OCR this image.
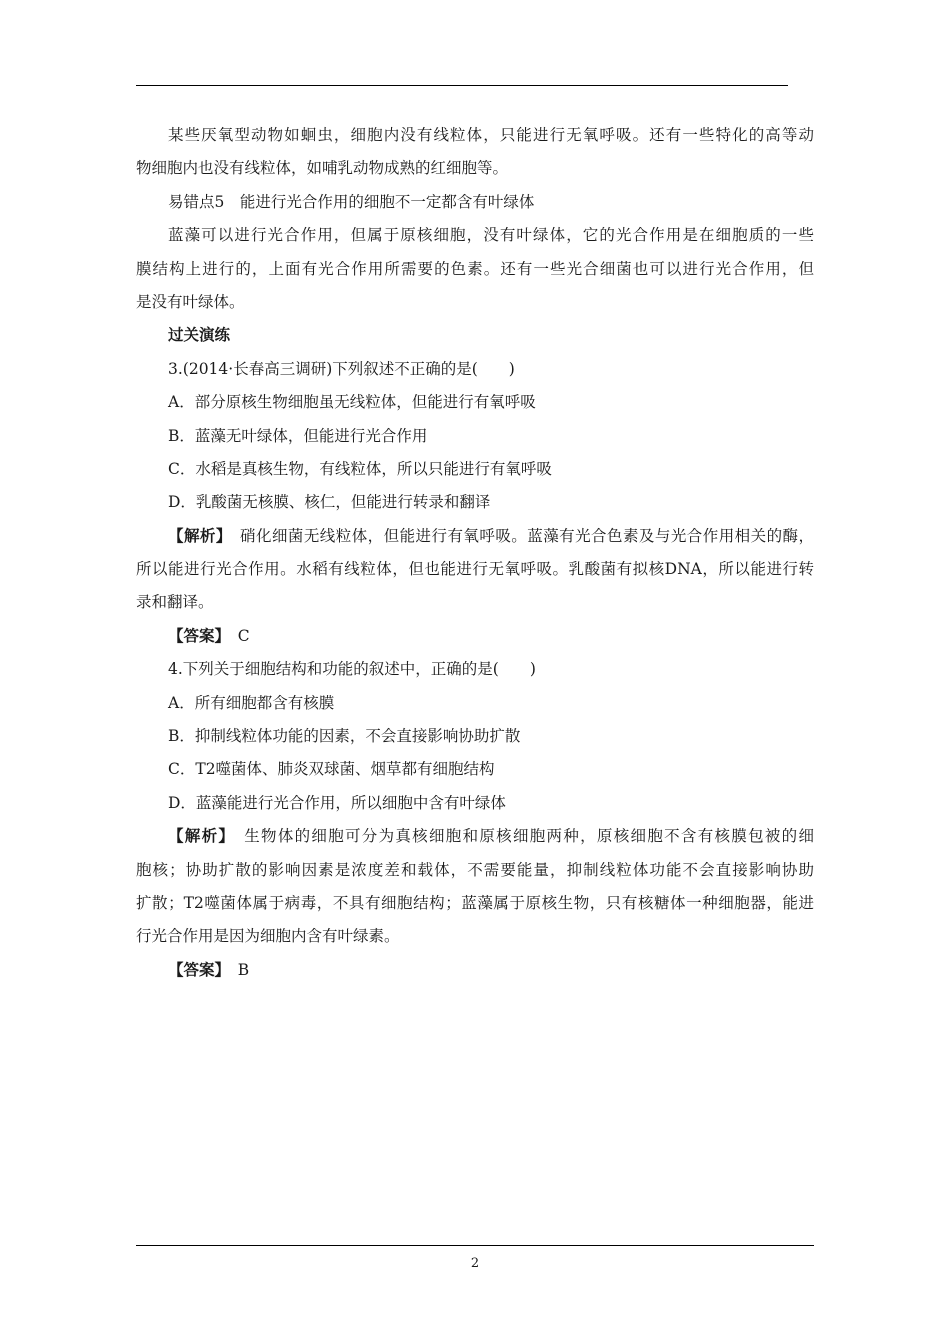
某些厌氧型动物如蛔虫，细胞内没有线粒体，只能进行无氧呼吸。还有一些特化的高等动
物细胞内也没有线粒体，如哺乳动物成熟的红细胞等。
易错点5　能进行光合作用的细胞不一定都含有叶绿体
蓝藻可以进行光合作用，但属于原核细胞，没有叶绿体，它的光合作用是在细胞质的一些
膜结构上进行的，上面有光合作用所需要的色素。还有一些光合细菌也可以进行光合作用，但
是没有叶绿体。
过关演练
3.(2014·长春高三调研)下列叙述不正确的是(　　)
A．部分原核生物细胞虽无线粒体，但能进行有氧呼吸
B．蓝藻无叶绿体，但能进行光合作用
C．水稻是真核生物，有线粒体，所以只能进行有氧呼吸
D．乳酸菌无核膜、核仁，但能进行转录和翻译
【解析】　硝化细菌无线粒体，但能进行有氧呼吸。蓝藻有光合色素及与光合作用相关的酶，
所以能进行光合作用。水稻有线粒体，但也能进行无氧呼吸。乳酸菌有拟核DNA，所以能进行转
录和翻译。
【答案】　C
4.下列关于细胞结构和功能的叙述中，正确的是(　　)
A．所有细胞都含有核膜
B．抑制线粒体功能的因素，不会直接影响协助扩散
C．T2噬菌体、肺炎双球菌、烟草都有细胞结构
D．蓝藻能进行光合作用，所以细胞中含有叶绿体
【解析】　生物体的细胞可分为真核细胞和原核细胞两种，原核细胞不含有核膜包被的细
胞核；协助扩散的影响因素是浓度差和载体，不需要能量，抑制线粒体功能不会直接影响协助
扩散；T2噬菌体属于病毒，不具有细胞结构；蓝藻属于原核生物，只有核糖体一种细胞器，能进
行光合作用是因为细胞内含有叶绿素。
【答案】　B
2
